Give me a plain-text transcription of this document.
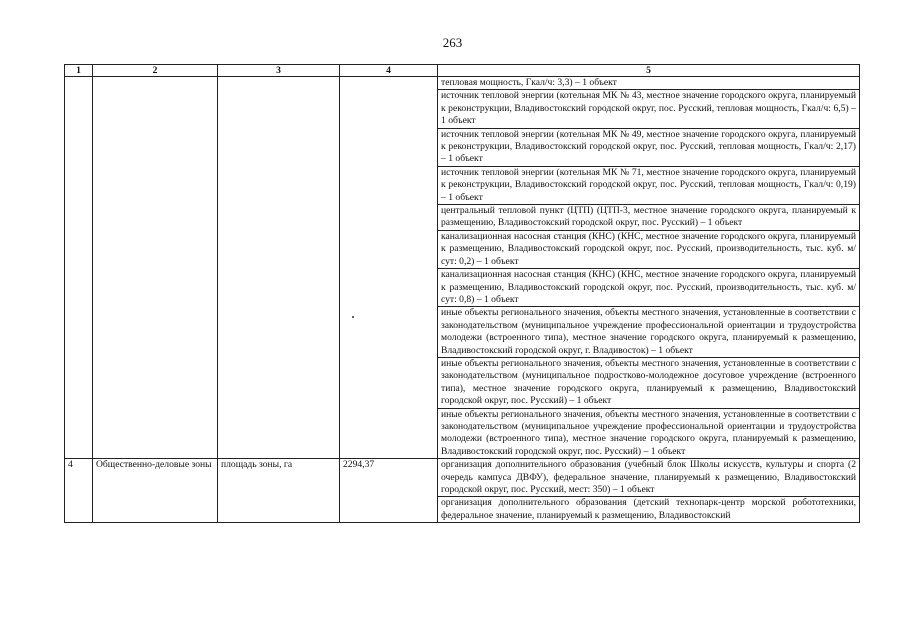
263
1	2	3	4	5
				тепловая мощность, Гкал/ч: 3,3) – 1 объект
				источник тепловой энергии (котельная МК № 43, местное значение городского округа, планируемый к реконструкции, Владивостокский городской округ, пос. Русский, тепловая мощность, Гкал/ч: 6,5) – 1 объект
				источник тепловой энергии (котельная МК № 49, местное значение городского округа, планируемый к реконструкции, Владивостокский городской округ, пос. Русский, тепловая мощность, Гкал/ч: 2,17) – 1 объект
				источник тепловой энергии (котельная МК № 71, местное значение городского округа, планируемый к реконструкции, Владивостокский городской округ, пос. Русский, тепловая мощность, Гкал/ч: 0,19) – 1 объект
				центральный тепловой пункт (ЦТП) (ЦТП-3, местное значение городского округа, планируемый к размещению, Владивостокский городской округ, пос. Русский) – 1 объект
				канализационная насосная станция (КНС) (КНС, местное значение городского округа, планируемый к размещению, Владивостокский городской округ, пос. Русский, производительность, тыс. куб. м/сут: 0,2) – 1 объект
				канализационная насосная станция (КНС) (КНС, местное значение городского округа, планируемый к размещению, Владивостокский городской округ, пос. Русский, производительность, тыс. куб. м/сут: 0,8) – 1 объект
				иные объекты регионального значения, объекты местного значения, установленные в соответствии с законодательством (муниципальное учреждение профессиональной ориентации и трудоустройства молодежи (встроенного типа), местное значение городского округа, планируемый к размещению, Владивостокский городской округ, г. Владивосток) – 1 объект
				иные объекты регионального значения, объекты местного значения, установленные в соответствии с законодательством (муниципальное подростково-молодежное досуговое учреждение (встроенного типа), местное значение городского округа, планируемый к размещению, Владивостокский городской округ, пос. Русский) – 1 объект
				иные объекты регионального значения, объекты местного значения, установленные в соответствии с законодательством (муниципальное учреждение профессиональной ориентации и трудоустройства молодежи (встроенного типа), местное значение городского округа, планируемый к размещению, Владивостокский городской округ, пос. Русский) – 1 объект
4	Общественно-деловые зоны	площадь зоны, га	2294,37	организация дополнительного образования (учебный блок Школы искусств, культуры и спорта (2 очередь кампуса ДВФУ), федеральное значение, планируемый к размещению, Владивостокский городской округ, пос. Русский, мест: 350) – 1 объект
				организация дополнительного образования (детский технопарк-центр морской робототехники, федеральное значение, планируемый к размещению, Владивостокский
